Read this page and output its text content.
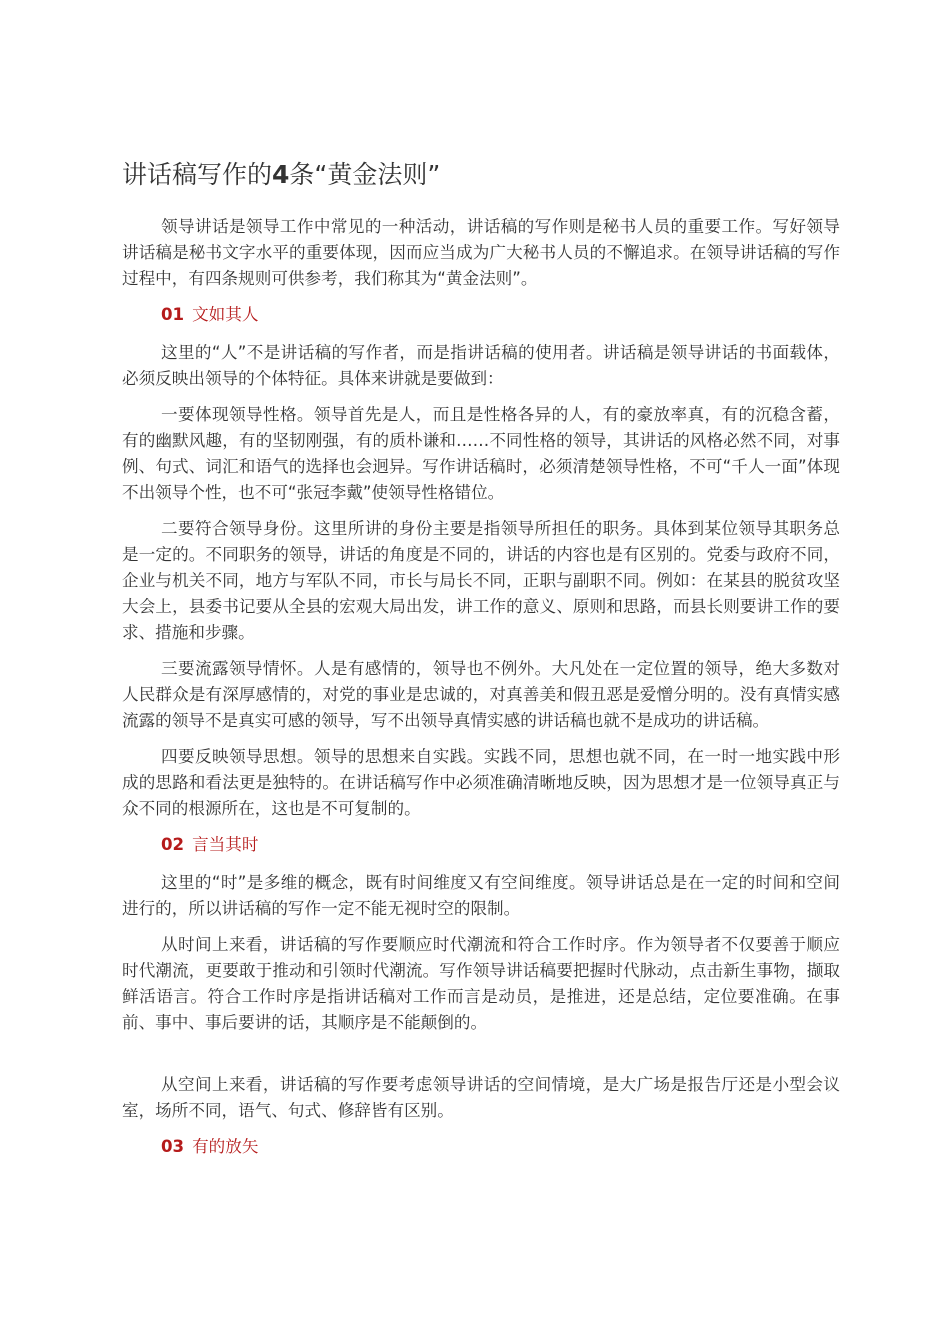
讲话稿写作的4条“黄金法则”

领导讲话是领导工作中常见的一种活动，讲话稿的写作则是秘书人员的重要工作。写好领导讲话稿是秘书文字水平的重要体现，因而应当成为广大秘书人员的不懈追求。在领导讲话稿的写作过程中，有四条规则可供参考，我们称其为“黄金法则”。

01 文如其人

这里的“人”不是讲话稿的写作者，而是指讲话稿的使用者。讲话稿是领导讲话的书面载体，必须反映出领导的个体特征。具体来讲就是要做到：

一要体现领导性格。领导首先是人，而且是性格各异的人，有的豪放率真，有的沉稳含蓄，有的幽默风趣，有的坚韧刚强，有的质朴谦和……不同性格的领导，其讲话的风格必然不同，对事例、句式、词汇和语气的选择也会迥异。写作讲话稿时，必须清楚领导性格，不可“千人一面”体现不出领导个性，也不可“张冠李戴”使领导性格错位。

二要符合领导身份。这里所讲的身份主要是指领导所担任的职务。具体到某位领导其职务总是一定的。不同职务的领导，讲话的角度是不同的，讲话的内容也是有区别的。党委与政府不同，企业与机关不同，地方与军队不同，市长与局长不同，正职与副职不同。例如：在某县的脱贫攻坚大会上，县委书记要从全县的宏观大局出发，讲工作的意义、原则和思路，而县长则要讲工作的要求、措施和步骤。

三要流露领导情怀。人是有感情的，领导也不例外。大凡处在一定位置的领导，绝大多数对人民群众是有深厚感情的，对党的事业是忠诚的，对真善美和假丑恶是爱憎分明的。没有真情实感流露的领导不是真实可感的领导，写不出领导真情实感的讲话稿也就不是成功的讲话稿。

四要反映领导思想。领导的思想来自实践。实践不同，思想也就不同，在一时一地实践中形成的思路和看法更是独特的。在讲话稿写作中必须准确清晰地反映，因为思想才是一位领导真正与众不同的根源所在，这也是不可复制的。

02 言当其时

这里的“时”是多维的概念，既有时间维度又有空间维度。领导讲话总是在一定的时间和空间进行的，所以讲话稿的写作一定不能无视时空的限制。

从时间上来看，讲话稿的写作要顺应时代潮流和符合工作时序。作为领导者不仅要善于顺应时代潮流，更要敢于推动和引领时代潮流。写作领导讲话稿要把握时代脉动，点击新生事物，撷取鲜活语言。符合工作时序是指讲话稿对工作而言是动员，是推进，还是总结，定位要准确。在事前、事中、事后要讲的话，其顺序是不能颠倒的。

从空间上来看，讲话稿的写作要考虑领导讲话的空间情境，是大广场是报告厅还是小型会议室，场所不同，语气、句式、修辞皆有区别。

03 有的放矢
